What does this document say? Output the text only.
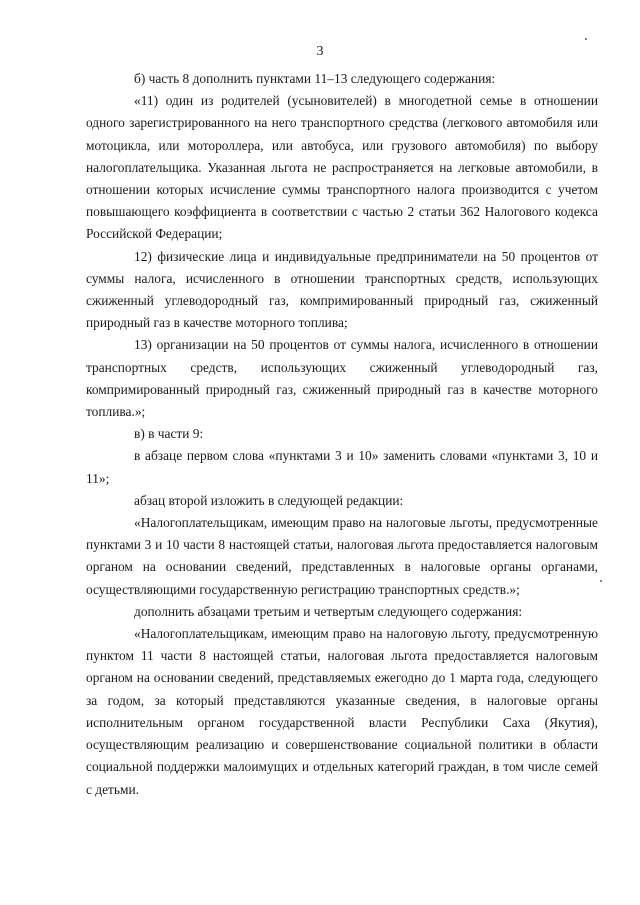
3

б) часть 8 дополнить пунктами 11–13 следующего содержания:

«11) один из родителей (усыновителей) в многодетной семье в отношении одного зарегистрированного на него транспортного средства (легкового автомобиля или мотоцикла, или мотороллера, или автобуса, или грузового автомобиля) по выбору налогоплательщика. Указанная льгота не распространяется на легковые автомобили, в отношении которых исчисление суммы транспортного налога производится с учетом повышающего коэффициента в соответствии с частью 2 статьи 362 Налогового кодекса Российской Федерации;

12) физические лица и индивидуальные предприниматели на 50 процентов от суммы налога, исчисленного в отношении транспортных средств, использующих сжиженный углеводородный газ, компримированный природный газ, сжиженный природный газ в качестве моторного топлива;

13) организации на 50 процентов от суммы налога, исчисленного в отношении транспортных средств, использующих сжиженный углеводородный газ, компримированный природный газ, сжиженный природный газ в качестве моторного топлива.»;

в) в части 9:

в абзаце первом слова «пунктами 3 и 10» заменить словами «пунктами 3, 10 и 11»;

абзац второй изложить в следующей редакции:

«Налогоплательщикам, имеющим право на налоговые льготы, предусмотренные пунктами 3 и 10 части 8 настоящей статьи, налоговая льгота предоставляется налоговым органом на основании сведений, представленных в налоговые органы органами, осуществляющими государственную регистрацию транспортных средств.»;

дополнить абзацами третьим и четвертым следующего содержания:

«Налогоплательщикам, имеющим право на налоговую льготу, предусмотренную пунктом 11 части 8 настоящей статьи, налоговая льгота предоставляется налоговым органом на основании сведений, представляемых ежегодно до 1 марта года, следующего за годом, за который представляются указанные сведения, в налоговые органы исполнительным органом государственной власти Республики Саха (Якутия), осуществляющим реализацию и совершенствование социальной политики в области социальной поддержки малоимущих и отдельных категорий граждан, в том числе семей с детьми.
